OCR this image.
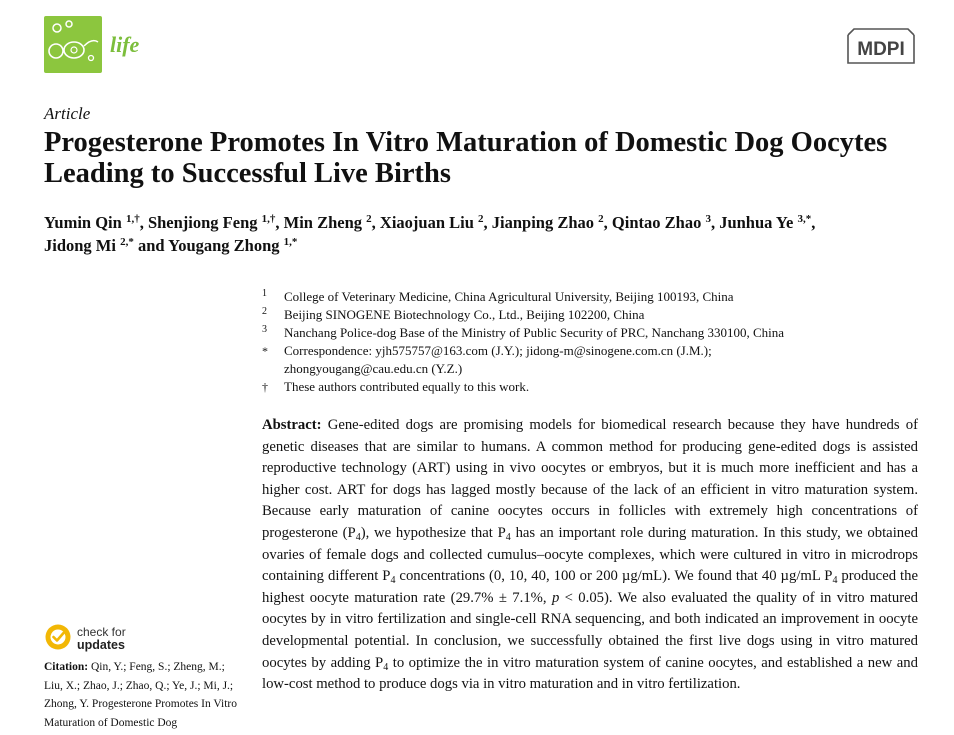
life	MDPI
Article
Progesterone Promotes In Vitro Maturation of Domestic Dog Oocytes Leading to Successful Live Births
Yumin Qin $^{1,\dagger}$, Shenjiong Feng $^{1,\dagger}$, Min Zheng $^2$, Xiaojuan Liu $^2$, Jianping Zhao $^2$, Qintao Zhao $^3$, Junhua Ye $^{3,*}$,
Jidong Mi $^{2,*}$ and Yougang Zhong $^{1,*}$
1 College of Veterinary Medicine, China Agricultural University, Beijing 100193, China
2 Beijing SINOGENE Biotechnology Co., Ltd., Beijing 102200, China
3 Nanchang Police-dog Base of the Ministry of Public Security of PRC, Nanchang 330100, China
* Correspondence: yjh575757@163.com (J.Y.); jidong-m@sinogene.com.cn (J.M.);
zhongyougang@cau.edu.cn (Y.Z.)
† These authors contributed equally to this work.
Abstract: Gene-edited dogs are promising models for biomedical research because they have hundreds of genetic diseases that are similar to humans. A common method for producing gene-edited dogs is assisted reproductive technology (ART) using in vivo oocytes or embryos, but it is much more inefficient and has a higher cost. ART for dogs has lagged mostly because of the lack of an efficient in vitro maturation system. Because early maturation of canine oocytes occurs in follicles with extremely high concentrations of progesterone $(P_4)$, we hypothesize that $P_4$ has an important role during maturation. In this study, we obtained ovaries of female dogs and collected cumulus–oocyte complexes, which were cultured in vitro in microdrops containing different $P_4$ concentrations (0, 10, 40, 100 or 200 µg/mL). We found that 40 µg/mL $P_4$ produced the highest oocyte maturation rate (29.7% ± 7.1%, p < 0.05). We also evaluated the quality of in vitro matured oocytes by in vitro fertilization and single-cell RNA sequencing, and both indicated an improvement in oocyte developmental potential. In conclusion, we successfully obtained the first live dogs using in vitro matured oocytes by adding $P_4$ to optimize the in vitro maturation system of canine oocytes, and established a new and low-cost method to produce dogs via in vitro maturation and in vitro fertilization.
check for
updates
Citation: Qin, Y.; Feng, S.; Zheng, M.; Liu, X.; Zhao, J.; Zhao, Q.; Ye, J.; Mi, J.; Zhong, Y. Progesterone Promotes In Vitro Maturation of Domestic Dog
